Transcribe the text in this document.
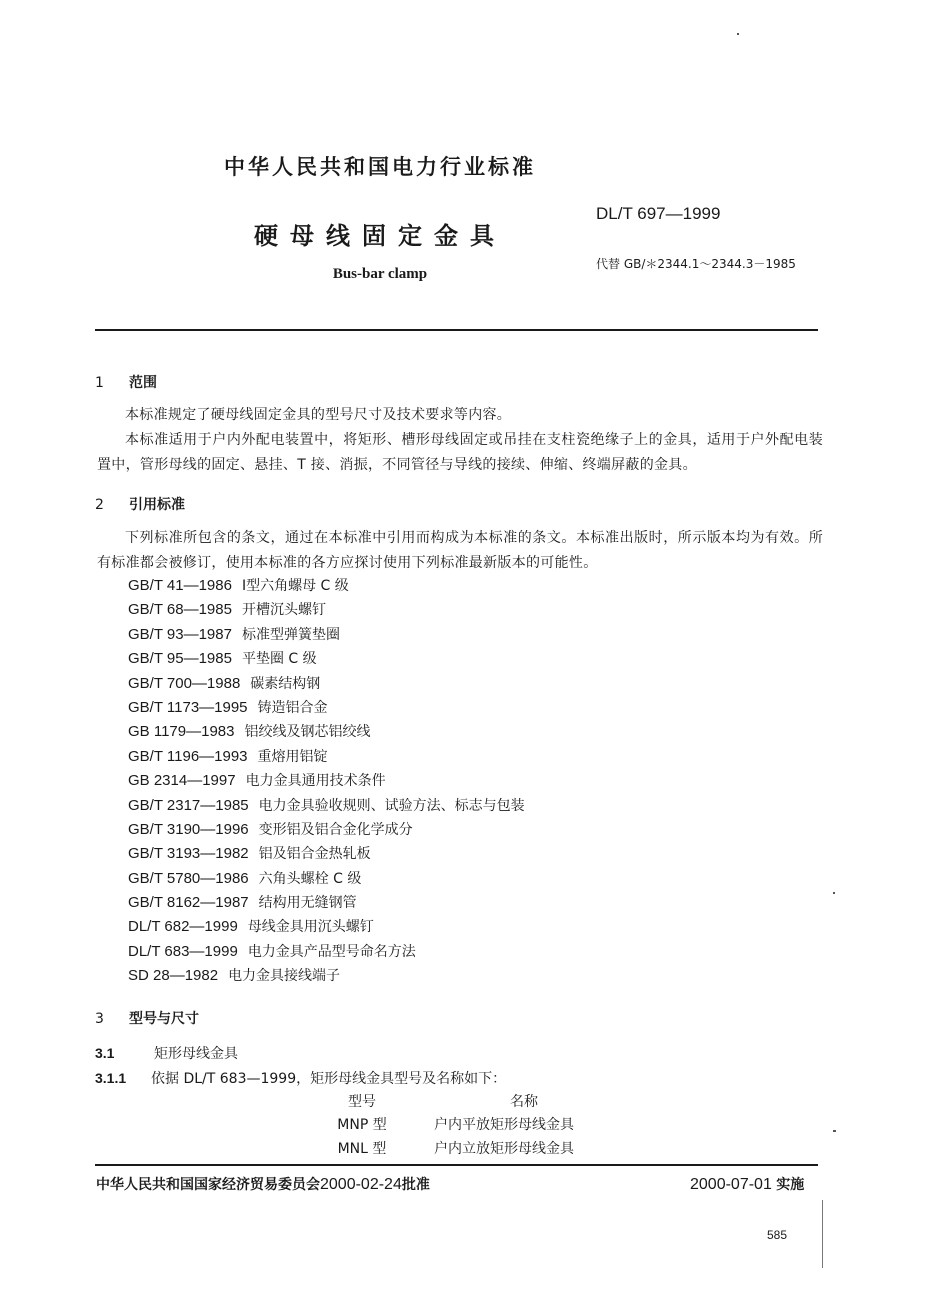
中华人民共和国电力行业标准
硬母线固定金具
Bus-bar clamp
DL/T 697—1999
代替 GB/＊2344.1～2344.3－1985
1 范围

本标准规定了硬母线固定金具的型号尺寸及技术要求等内容。

本标准适用于户内外配电装置中，将矩形、槽形母线固定或吊挂在支柱瓷绝缘子上的金具，适用于户外配电装置中，管形母线的固定、悬挂、T 接、消振，不同管径与导线的接续、伸缩、终端屏蔽的金具。

2 引用标准

下列标准所包含的条文，通过在本标准中引用而构成为本标准的条文。本标准出版时，所示版本均为有效。所有标准都会被修订，使用本标准的各方应探讨使用下列标准最新版本的可能性。

GB/T 41—1986 Ⅰ型六角螺母 C 级
GB/T 68—1985 开槽沉头螺钉
GB/T 93—1987 标准型弹簧垫圈
GB/T 95—1985 平垫圈 C 级
GB/T 700—1988 碳素结构钢
GB/T 1173—1995 铸造铝合金
GB 1179—1983 铝绞线及钢芯铝绞线
GB/T 1196—1993 重熔用铝锭
GB 2314—1997 电力金具通用技术条件
GB/T 2317—1985 电力金具验收规则、试验方法、标志与包装
GB/T 3190—1996 变形铝及铝合金化学成分
GB/T 3193—1982 铝及铝合金热轧板
GB/T 5780—1986 六角头螺栓 C 级
GB/T 8162—1987 结构用无缝钢管
DL/T 682—1999 母线金具用沉头螺钉
DL/T 683—1999 电力金具产品型号命名方法
SD 28—1982 电力金具接线端子
3 型号与尺寸
3.1	矩形母线金具
3.1.1 依据 DL/T 683—1999，矩形母线金具型号及名称如下：
型号	名称
MNP 型	户内平放矩形母线金具
MNL 型	户内立放矩形母线金具
中华人民共和国国家经济贸易委员会2000-02-24批准	2000-07-01 实施
585
